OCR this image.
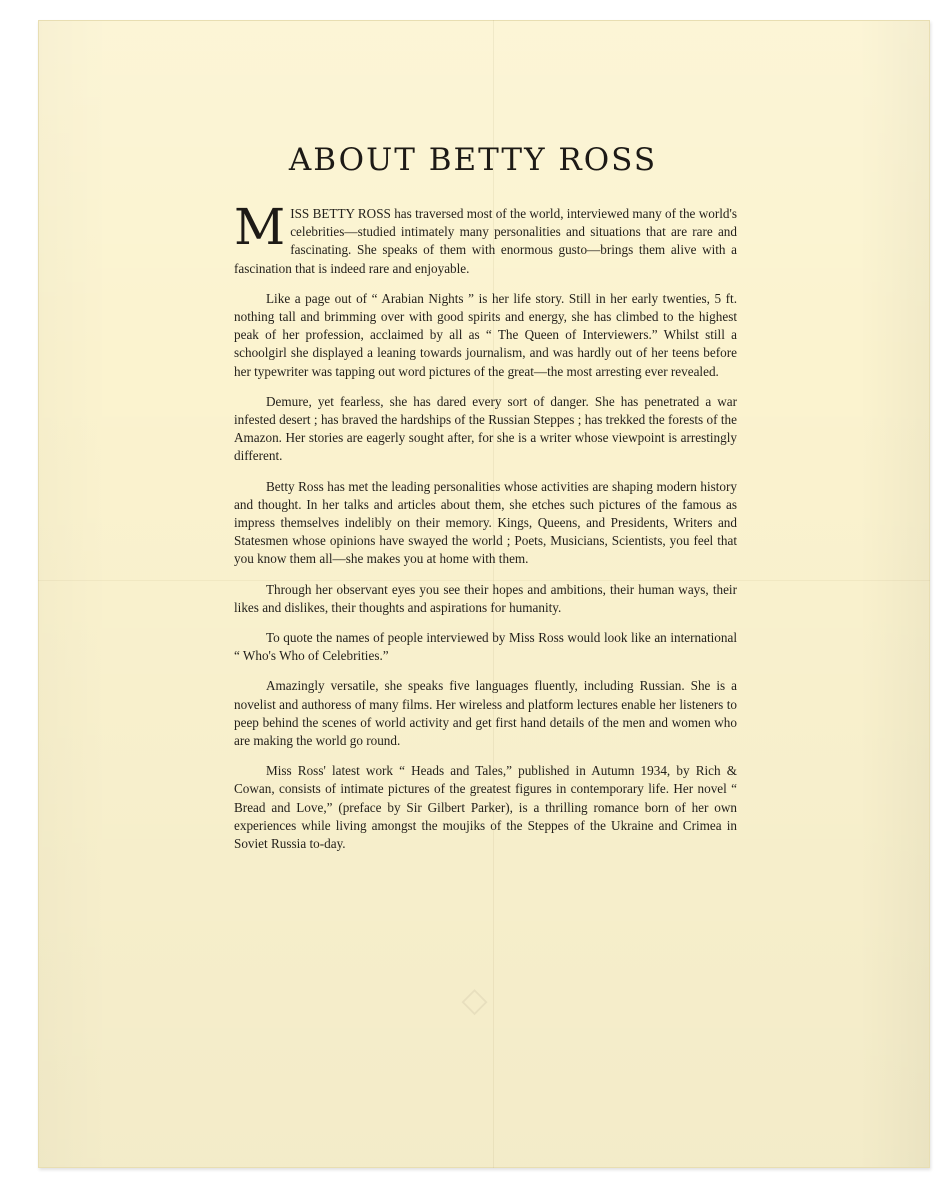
ABOUT BETTY ROSS

MISS BETTY ROSS has traversed most of the world, interviewed many of the world's celebrities—studied intimately many personalities and situations that are rare and fascinating. She speaks of them with enormous gusto—brings them alive with a fascination that is indeed rare and enjoyable.

Like a page out of “ Arabian Nights ” is her life story. Still in her early twenties, 5 ft. nothing tall and brimming over with good spirits and energy, she has climbed to the highest peak of her profession, acclaimed by all as “ The Queen of Interviewers.” Whilst still a schoolgirl she displayed a leaning towards journalism, and was hardly out of her teens before her typewriter was tapping out word pictures of the great—the most arresting ever revealed.

Demure, yet fearless, she has dared every sort of danger. She has penetrated a war infested desert ; has braved the hardships of the Russian Steppes ; has trekked the forests of the Amazon. Her stories are eagerly sought after, for she is a writer whose viewpoint is arrestingly different.

Betty Ross has met the leading personalities whose activities are shaping modern history and thought. In her talks and articles about them, she etches such pictures of the famous as impress themselves indelibly on their memory. Kings, Queens, and Presidents, Writers and Statesmen whose opinions have swayed the world ; Poets, Musicians, Scientists, you feel that you know them all—she makes you at home with them.

Through her observant eyes you see their hopes and ambitions, their human ways, their likes and dislikes, their thoughts and aspirations for humanity.

To quote the names of people interviewed by Miss Ross would look like an international “ Who's Who of Celebrities.”

Amazingly versatile, she speaks five languages fluently, including Russian. She is a novelist and authoress of many films. Her wireless and platform lectures enable her listeners to peep behind the scenes of world activity and get first hand details of the men and women who are making the world go round.

Miss Ross' latest work “ Heads and Tales,” published in Autumn 1934, by Rich & Cowan, consists of intimate pictures of the greatest figures in contemporary life. Her novel “ Bread and Love,” (preface by Sir Gilbert Parker), is a thrilling romance born of her own experiences while living amongst the moujiks of the Steppes of the Ukraine and Crimea in Soviet Russia to-day.

◇
